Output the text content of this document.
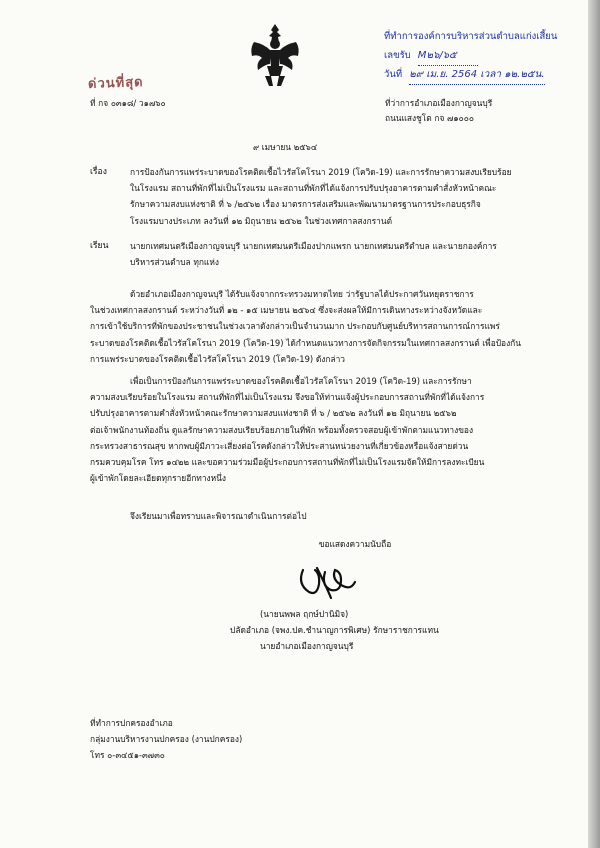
ที่ทำการองค์การบริหารส่วนตำบลแก่งเสี้ยน
เลขรับ M๒๖/๖๕
วันที่ ๒๙ เม.ย. 2564 เวลา ๑๒.๒๕น.
ด่วนที่สุด
ที่ กจ ๐๓๑๘/ ว๑๗๖๐	ที่ว่าการอำเภอเมืองกาญจนบุรี
ถนนแสงชูโต กจ ๗๑๐๐๐
๙ เมษายน ๒๕๖๔
เรื่อง	การป้องกันการแพร่ระบาดของโรคติดเชื้อไวรัสโคโรนา 2019 (โควิด-19) และการรักษาความสงบเรียบร้อย
ในโรงแรม สถานที่พักที่ไม่เป็นโรงแรม และสถานที่พักที่ได้แจ้งการปรับปรุงอาคารตามคำสั่งหัวหน้าคณะ
รักษาความสงบแห่งชาติ ที่ ๖ /๒๕๖๒ เรื่อง มาตรการส่งเสริมและพัฒนามาตรฐานการประกอบธุรกิจ
โรงแรมบางประเภท ลงวันที่ ๑๒ มิถุนายน ๒๕๖๒ ในช่วงเทศกาลสงกรานต์
เรียน	นายกเทศมนตรีเมืองกาญจนบุรี นายกเทศมนตรีเมืองปากแพรก นายกเทศมนตรีตำบล และนายกองค์การ
บริหารส่วนตำบล ทุกแห่ง
ด้วยอำเภอเมืองกาญจนบุรี ได้รับแจ้งจากกระทรวงมหาดไทย ว่ารัฐบาลได้ประกาศวันหยุดราชการ
ในช่วงเทศกาลสงกรานต์ ระหว่างวันที่ ๑๒ - ๑๕ เมษายน ๒๕๖๔ ซึ่งจะส่งผลให้มีการเดินทางระหว่างจังหวัดและ
การเข้าใช้บริการที่พักของประชาชนในช่วงเวลาดังกล่าวเป็นจำนวนมาก ประกอบกับศูนย์บริหารสถานการณ์การแพร่
ระบาดของโรคติดเชื้อไวรัสโคโรนา 2019 (โควิด-19) ได้กำหนดแนวทางการจัดกิจกรรมในเทศกาลสงกรานต์ เพื่อป้องกัน
การแพร่ระบาดของโรคติดเชื้อไวรัสโคโรนา 2019 (โควิด-19) ดังกล่าว
เพื่อเป็นการป้องกันการแพร่ระบาดของโรคติดเชื้อไวรัสโคโรนา 2019 (โควิด-19) และการรักษา
ความสงบเรียบร้อยในโรงแรม สถานที่พักที่ไม่เป็นโรงแรม จึงขอให้ท่านแจ้งผู้ประกอบการสถานที่พักที่ได้แจ้งการ
ปรับปรุงอาคารตามคำสั่งหัวหน้าคณะรักษาความสงบแห่งชาติ ที่ ๖ / ๒๕๖๒ ลงวันที่ ๑๒ มิถุนายน ๒๕๖๒
ต่อเจ้าพนักงานท้องถิ่น ดูแลรักษาความสงบเรียบร้อยภายในที่พัก พร้อมทั้งตรวจสอบผู้เข้าพักตามแนวทางของ
กระทรวงสาธารณสุข หากพบผู้มีภาวะเสี่ยงต่อโรคดังกล่าวให้ประสานหน่วยงานที่เกี่ยวข้องหรือแจ้งสายด่วน
กรมควบคุมโรค โทร ๑๔๒๒ และขอความร่วมมือผู้ประกอบการสถานที่พักที่ไม่เป็นโรงแรมจัดให้มีการลงทะเบียน
ผู้เข้าพักโดยละเอียดทุกรายอีกทางหนึ่ง
จึงเรียนมาเพื่อทราบและพิจารณาดำเนินการต่อไป
ขอแสดงความนับถือ
(นายนพพล ฤกษ์ปานิมิจ)
ปลัดอำเภอ (จพง.ปค.ชำนาญการพิเศษ) รักษาราชการแทน
นายอำเภอเมืองกาญจนบุรี
ที่ทำการปกครองอำเภอ
กลุ่มงานบริหารงานปกครอง (งานปกครอง)
โทร ๐-๓๔๕๑-๓๗๓๐
